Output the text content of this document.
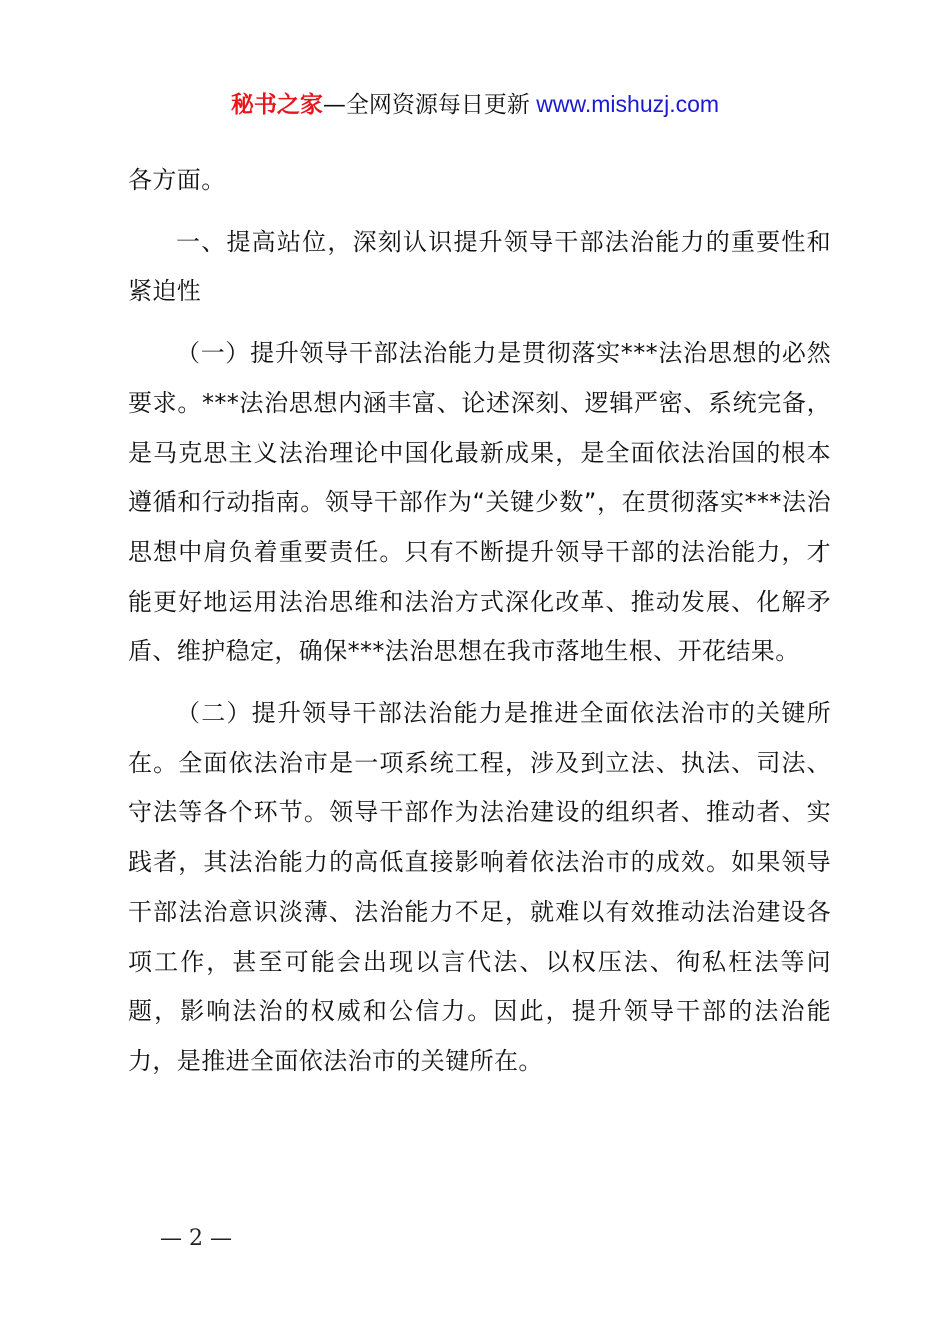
秘书之家—全网资源每日更新 www.mishuzj.com

各方面。

一、提高站位，深刻认识提升领导干部法治能力的重要性和紧迫性

（一）提升领导干部法治能力是贯彻落实***法治思想的必然要求。***法治思想内涵丰富、论述深刻、逻辑严密、系统完备，是马克思主义法治理论中国化最新成果，是全面依法治国的根本遵循和行动指南。领导干部作为“关键少数”，在贯彻落实***法治思想中肩负着重要责任。只有不断提升领导干部的法治能力，才能更好地运用法治思维和法治方式深化改革、推动发展、化解矛盾、维护稳定，确保***法治思想在我市落地生根、开花结果。

（二）提升领导干部法治能力是推进全面依法治市的关键所在。全面依法治市是一项系统工程，涉及到立法、执法、司法、守法等各个环节。领导干部作为法治建设的组织者、推动者、实践者，其法治能力的高低直接影响着依法治市的成效。如果领导干部法治意识淡薄、法治能力不足，就难以有效推动法治建设各项工作，甚至可能会出现以言代法、以权压法、徇私枉法等问题，影响法治的权威和公信力。因此，提升领导干部的法治能力，是推进全面依法治市的关键所在。

— 2 —
